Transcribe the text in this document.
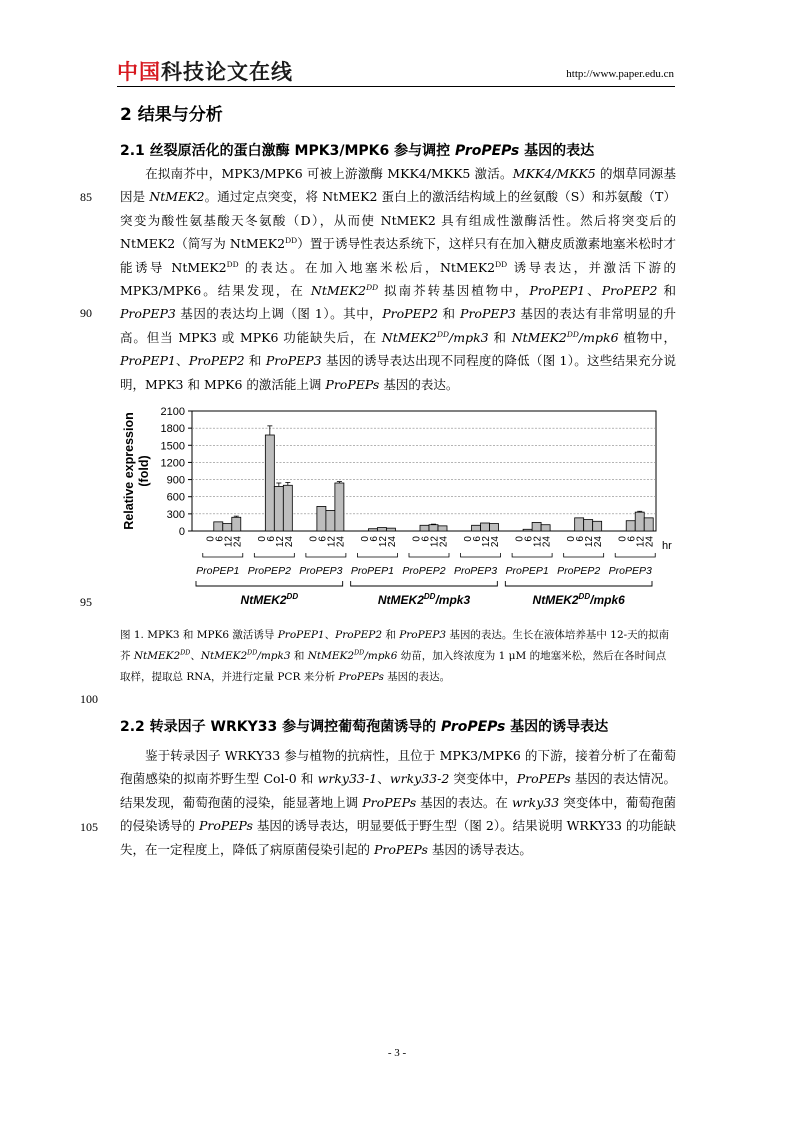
中国科技论文在线	http://www.paper.edu.cn
2 结果与分析
2.1 丝裂原活化的蛋白激酶 MPK3/MPK6 参与调控 ProPEPs 基因的表达

  在拟南芥中，MPK3/MPK6 可被上游激酶 MKK4/MKK5 激活。MKK4/MKK5 的烟草同源基因是 NtMEK2。通过定点突变，将 NtMEK2 蛋白上的激活结构域上的丝氨酸（S）和苏氨酸（T）突变为酸性氨基酸天冬氨酸（D），从而使 NtMEK2 具有组成性激酶活性。然后将突变后的 NtMEK2（简写为 $NtMEK2^{DD}$）置于诱导性表达系统下，这样只有在加入糖皮质激素地塞米松时才能诱导 $NtMEK2^{DD}$ 的表达。在加入地塞米松后，$NtMEK2^{DD}$ 诱导表达，并激活下游的 MPK3/MPK6。结果发现，在 $NtMEK2^{DD}$ 拟南芥转基因植物中，ProPEP1、ProPEP2 和 ProPEP3 基因的表达均上调（图 1）。其中，ProPEP2 和 ProPEP3 基因的表达有非常明显的升高。但当 MPK3 或 MPK6 功能缺失后，在 $NtMEK2^{DD}/mpk3$ 和 $NtMEK2^{DD}/mpk6$ 植物中，ProPEP1、ProPEP2 和 ProPEP3 基因的诱导表达出现不同程度的降低（图 1）。这些结果充分说明，MPK3 和 MPK6 的激活能上调 ProPEPs 基因的表达。

85
90
95
100
105
0
300
600
900
1200
1500
1800
2100
Relative expression (fold)
0
6
12
24
ProPEP1
0
6
12
24
ProPEP2
0
6
12
24
ProPEP3
$NtMEK2^{DD}$
0
6
12
24
ProPEP1
0
6
12
24
ProPEP2
0
6
12
24
ProPEP3
$NtMEK2^{DD}/mpk3$
0
6
12
24
ProPEP1
0
6
12
24
ProPEP2
0
6
12
24
ProPEP3
$NtMEK2^{DD}/mpk6$
hr

图 1. MPK3 和 MPK6 激活诱导 ProPEP1、ProPEP2 和 ProPEP3 基因的表达。生长在液体培养基中 12-天的拟南芥 $NtMEK2^{DD}$、$NtMEK2^{DD}/mpk3$ 和 $NtMEK2^{DD}/mpk6$ 幼苗，加入终浓度为 1 μM 的地塞米松，然后在各时间点取样，提取总 RNA，并进行定量 PCR 来分析 ProPEPs 基因的表达。

2.2 转录因子 WRKY33 参与调控葡萄孢菌诱导的 ProPEPs 基因的诱导表达

  鉴于转录因子 WRKY33 参与植物的抗病性，且位于 MPK3/MPK6 的下游，接着分析了在葡萄孢菌感染的拟南芥野生型 Col-0 和 wrky33-1、wrky33-2 突变体中，ProPEPs 基因的表达情况。结果发现，葡萄孢菌的浸染，能显著地上调 ProPEPs 基因的表达。在 wrky33 突变体中，葡萄孢菌的侵染诱导的 ProPEPs 基因的诱导表达，明显要低于野生型（图 2）。结果说明 WRKY33 的功能缺失，在一定程度上，降低了病原菌侵染引起的 ProPEPs 基因的诱导表达。

- 3 -
